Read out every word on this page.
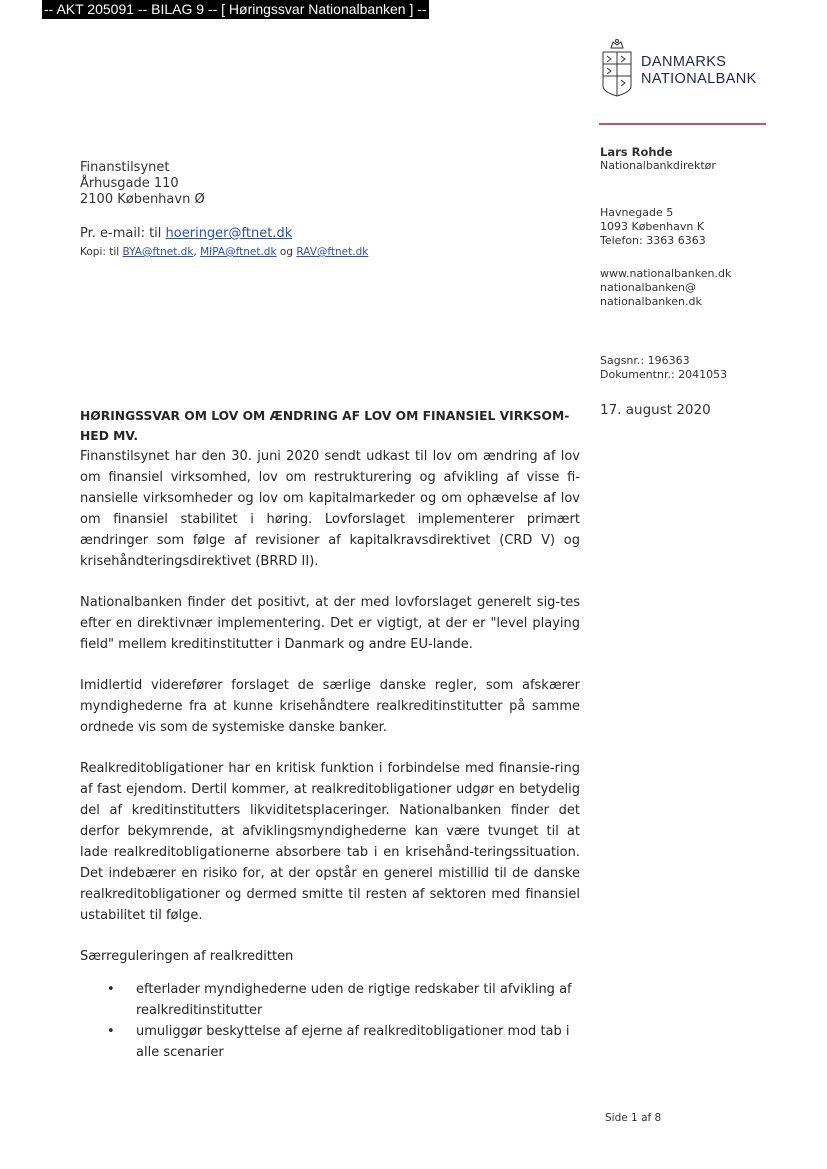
-- AKT 205091 -- BILAG 9 -- [ Høringssvar Nationalbanken ] --
DANMARKS
NATIONALBANK
Lars Rohde
Nationalbankdirektør
Havnegade 5
1093 København K
Telefon: 3363 6363
www.nationalbanken.dk
nationalbanken@
nationalbanken.dk
Sagsnr.: 196363
Dokumentnr.: 2041053
Finanstilsynet
Århusgade 110
2100 København Ø
Pr. e-mail: til hoeringer@ftnet.dk
Kopi: til BYA@ftnet.dk, MIPA@ftnet.dk og RAV@ftnet.dk
17. august 2020
HØRINGSSVAR OM LOV OM ÆNDRING AF LOV OM FINANSIEL VIRKSOM-HED MV.

Finanstilsynet har den 30. juni 2020 sendt udkast til lov om ændring af lov om finansiel virksomhed, lov om restrukturering og afvikling af visse fi-nansielle virksomheder og lov om kapitalmarkeder og om ophævelse af lov om finansiel stabilitet i høring. Lovforslaget implementerer primært ændringer som følge af revisioner af kapitalkravsdirektivet (CRD V) og krisehåndteringsdirektivet (BRRD II).

Nationalbanken finder det positivt, at der med lovforslaget generelt sig-tes efter en direktivnær implementering. Det er vigtigt, at der er "level playing field" mellem kreditinstitutter i Danmark og andre EU-lande.

Imidlertid viderefører forslaget de særlige danske regler, som afskærer myndighederne fra at kunne krisehåndtere realkreditinstitutter på samme ordnede vis som de systemiske danske banker.

Realkreditobligationer har en kritisk funktion i forbindelse med finansie-ring af fast ejendom. Dertil kommer, at realkreditobligationer udgør en betydelig del af kreditinstitutters likviditetsplaceringer. Nationalbanken finder det derfor bekymrende, at afviklingsmyndighederne kan være tvunget til at lade realkreditobligationerne absorbere tab i en krisehånd-teringssituation. Det indebærer en risiko for, at der opstår en generel mistillid til de danske realkreditobligationer og dermed smitte til resten af sektoren med finansiel ustabilitet til følge.

Særreguleringen af realkreditten

• efterlader myndighederne uden de rigtige redskaber til afvikling af realkreditinstitutter
• umuliggør beskyttelse af ejerne af realkreditobligationer mod tab i alle scenarier
Side 1 af 8
